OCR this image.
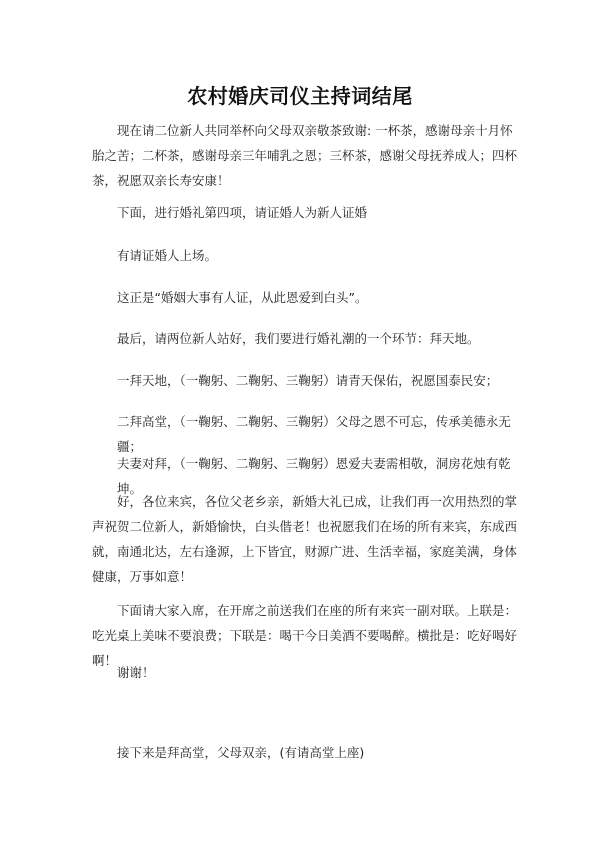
农村婚庆司仪主持词结尾

现在请二位新人共同举杯向父母双亲敬茶致谢: 一杯茶，感谢母亲十月怀胎之苦；二杯茶，感谢母亲三年哺乳之恩；三杯茶，感谢父母抚养成人；四杯茶，祝愿双亲长寿安康！

下面，进行婚礼第四项，请证婚人为新人证婚

有请证婚人上场。

这正是“婚姻大事有人证，从此恩爱到白头”。

最后，请两位新人站好，我们要进行婚礼潮的一个环节：拜天地。

一拜天地，（一鞠躬、二鞠躬、三鞠躬）请青天保佑，祝愿国泰民安；

二拜高堂，（一鞠躬、二鞠躬、三鞠躬）父母之恩不可忘，传承美德永无疆；

夫妻对拜，（一鞠躬、二鞠躬、三鞠躬）恩爱夫妻需相敬，洞房花烛有乾坤。

好，各位来宾，各位父老乡亲，新婚大礼已成，让我们再一次用热烈的掌声祝贺二位新人，新婚愉快，白头偕老！也祝愿我们在场的所有来宾，东成西就，南通北达，左右逢源，上下皆宜，财源广进、生活幸福，家庭美满，身体健康，万事如意！

下面请大家入席，在开席之前送我们在座的所有来宾一副对联。上联是：吃光桌上美味不要浪费；下联是：喝干今日美酒不要喝醉。横批是：吃好喝好啊！

谢谢！

接下来是拜高堂，父母双亲，(有请高堂上座)
